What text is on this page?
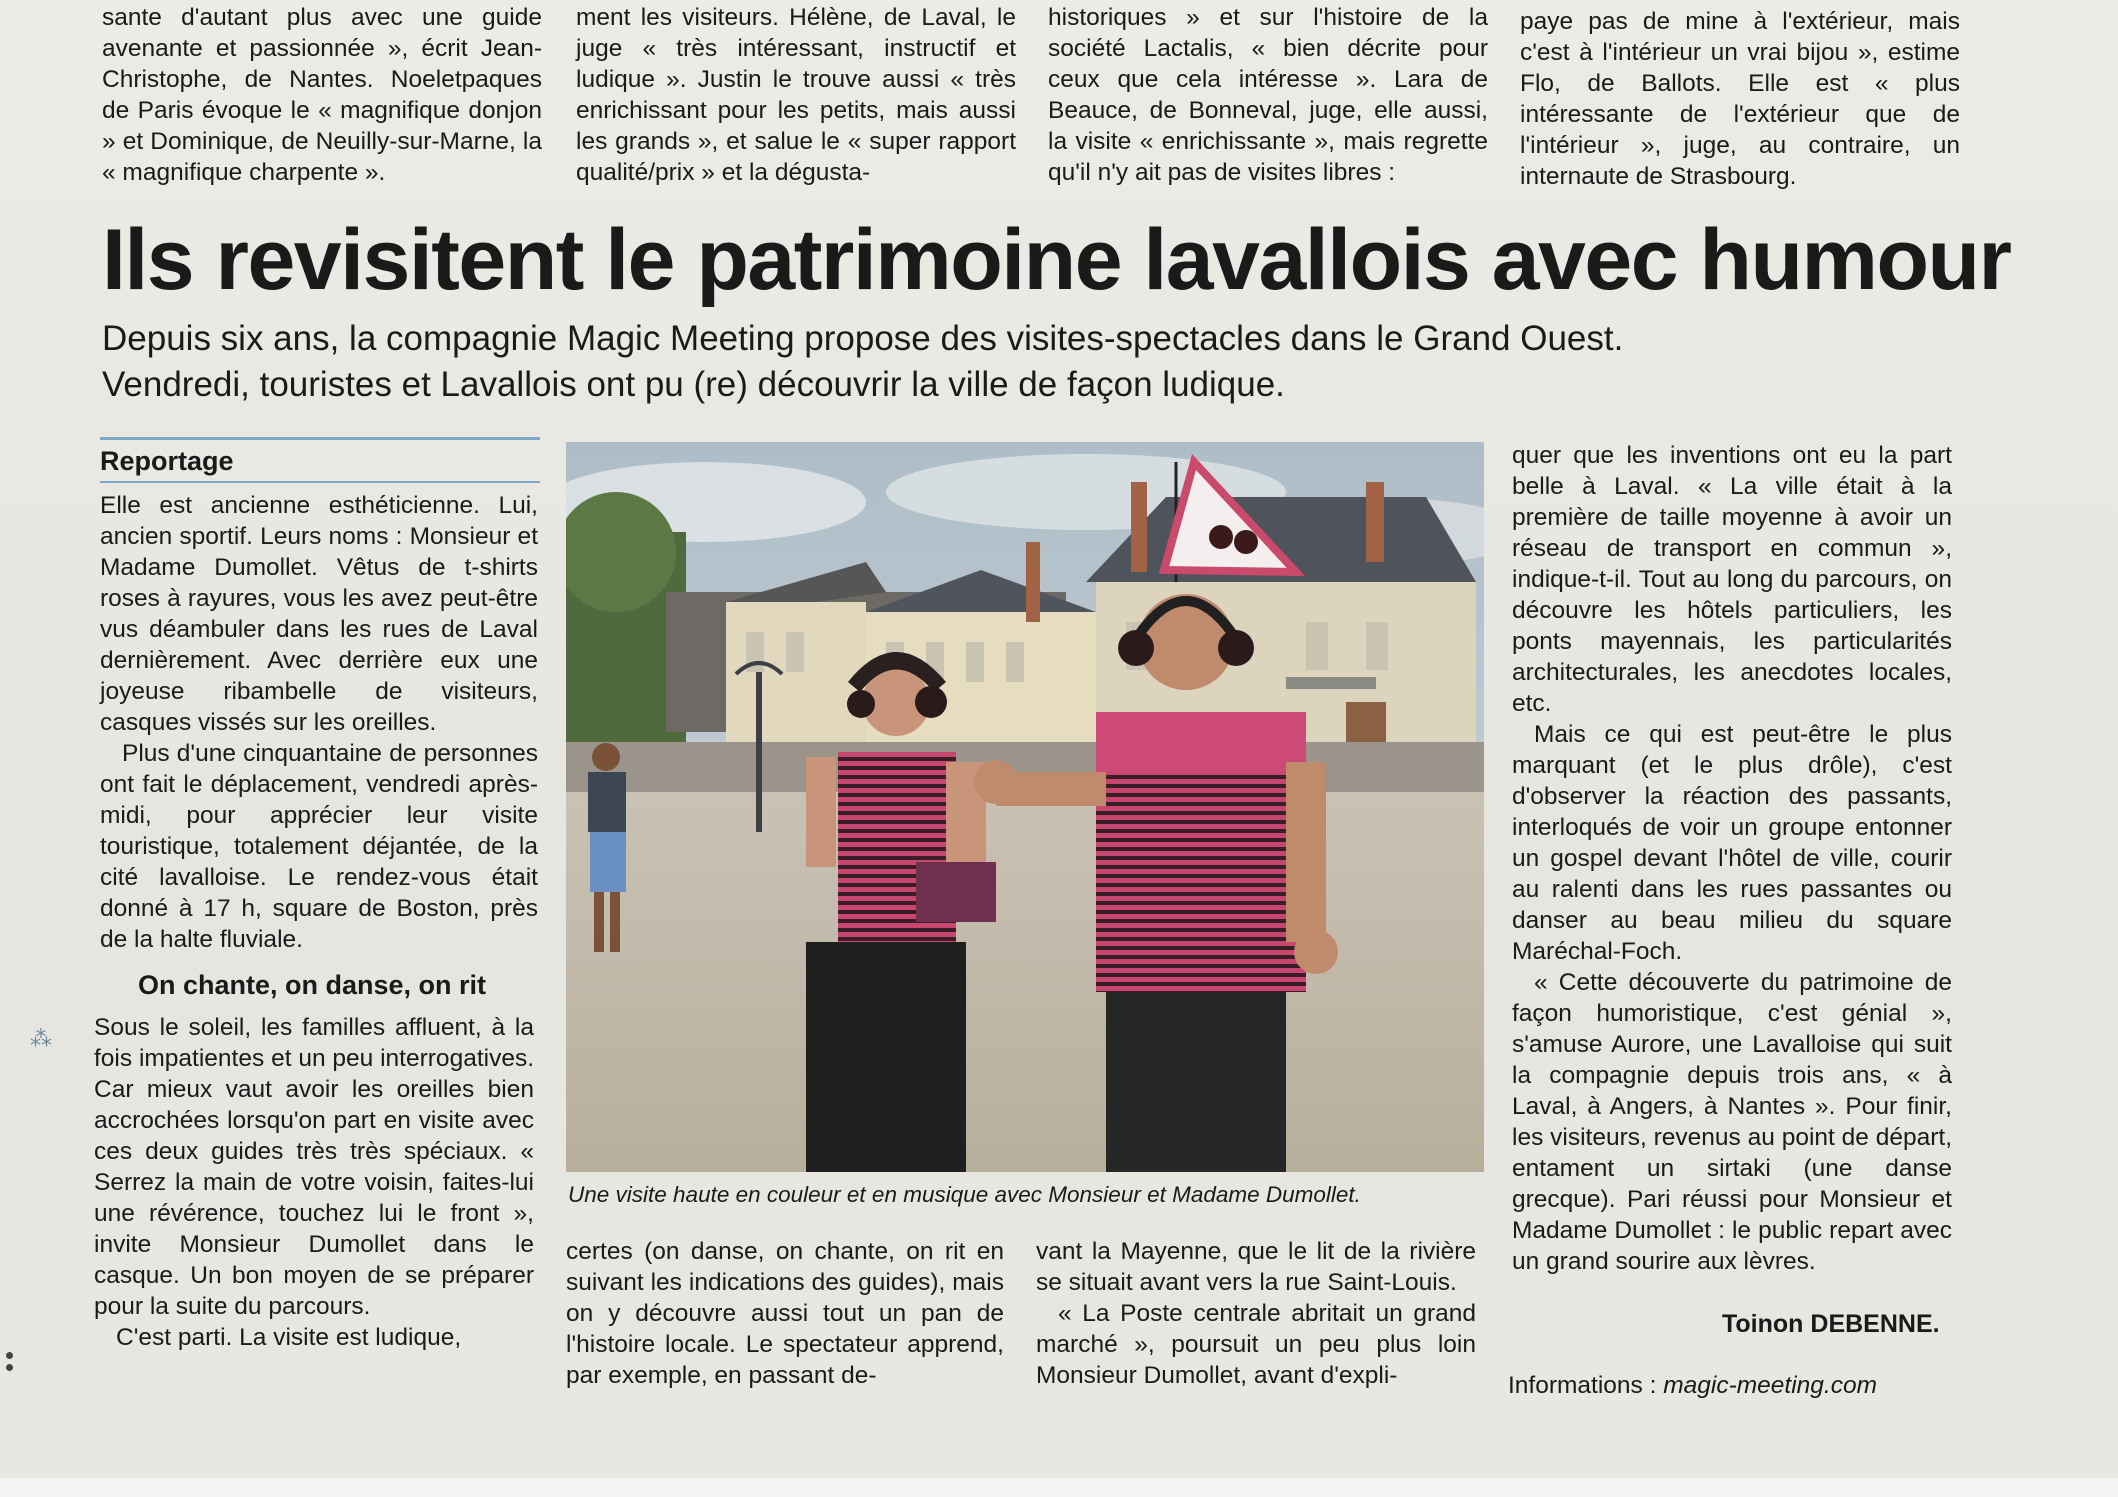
⁂

sante d'autant plus avec une guide avenante et passionnée », écrit Jean-Christophe, de Nantes. Noeletpaques de Paris évoque le « magnifique donjon » et Dominique, de Neuilly-sur-Marne, la « magnifique charpente ».

ment les visiteurs. Hélène, de Laval, le juge « très intéressant, instructif et ludique ». Justin le trouve aussi « très enrichissant pour les petits, mais aussi les grands », et salue le « super rapport qualité/prix » et la dégusta-

historiques » et sur l'histoire de la société Lactalis, « bien décrite pour ceux que cela intéresse ». Lara de Beauce, de Bonneval, juge, elle aussi, la visite « enrichissante », mais regrette qu'il n'y ait pas de visites libres :

paye pas de mine à l'extérieur, mais c'est à l'intérieur un vrai bijou », estime Flo, de Ballots. Elle est « plus intéressante de l'extérieur que de l'intérieur », juge, au contraire, un internaute de Strasbourg.

Ils revisitent le patrimoine lavallois avec humour
Depuis six ans, la compagnie Magic Meeting propose des visites-spectacles dans le Grand Ouest. Vendredi, touristes et Lavallois ont pu (re) découvrir la ville de façon ludique.
Reportage

Elle est ancienne esthéticienne. Lui, ancien sportif. Leurs noms : Monsieur et Madame Dumollet. Vêtus de t-shirts roses à rayures, vous les avez peut-être vus déambuler dans les rues de Laval dernièrement. Avec derrière eux une joyeuse ribambelle de visiteurs, casques vissés sur les oreilles.

Plus d'une cinquantaine de personnes ont fait le déplacement, vendredi après-midi, pour apprécier leur visite touristique, totalement déjantée, de la cité lavalloise. Le rendez-vous était donné à 17 h, square de Boston, près de la halte fluviale.

On chante, on danse, on rit

Sous le soleil, les familles affluent, à la fois impatientes et un peu interrogatives. Car mieux vaut avoir les oreilles bien accrochées lorsqu'on part en visite avec ces deux guides très très spéciaux. « Serrez la main de votre voisin, faites-lui une révérence, touchez lui le front », invite Monsieur Dumollet dans le casque. Un bon moyen de se préparer pour la suite du parcours.

C'est parti. La visite est ludique,

Une visite haute en couleur et en musique avec Monsieur et Madame Dumollet.

certes (on danse, on chante, on rit en suivant les indications des guides), mais on y découvre aussi tout un pan de l'histoire locale. Le spectateur apprend, par exemple, en passant de-

vant la Mayenne, que le lit de la rivière se situait avant vers la rue Saint-Louis.

« La Poste centrale abritait un grand marché », poursuit un peu plus loin Monsieur Dumollet, avant d'expli-

quer que les inventions ont eu la part belle à Laval. « La ville était à la première de taille moyenne à avoir un réseau de transport en commun », indique-t-il. Tout au long du parcours, on découvre les hôtels particuliers, les ponts mayennais, les particularités architecturales, les anecdotes locales, etc.

Mais ce qui est peut-être le plus marquant (et le plus drôle), c'est d'observer la réaction des passants, interloqués de voir un groupe entonner un gospel devant l'hôtel de ville, courir au ralenti dans les rues passantes ou danser au beau milieu du square Maréchal-Foch.

« Cette découverte du patrimoine de façon humoristique, c'est génial », s'amuse Aurore, une Lavalloise qui suit la compagnie depuis trois ans, « à Laval, à Angers, à Nantes ». Pour finir, les visiteurs, revenus au point de départ, entament un sirtaki (une danse grecque). Pari réussi pour Monsieur et Madame Dumollet : le public repart avec un grand sourire aux lèvres.

Toinon DEBENNE.
Informations : magic-meeting.com
